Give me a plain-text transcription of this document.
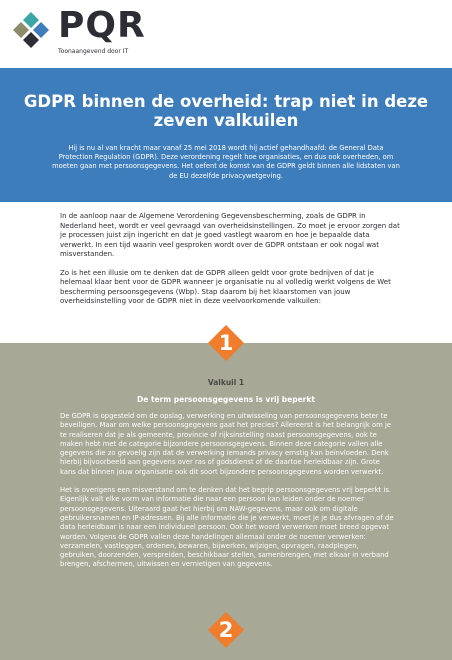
PQR
Toonaangevend door IT
GDPR binnen de overheid: trap niet in deze zeven valkuilen

Hij is nu al van kracht maar vanaf 25 mei 2018 wordt hij actief gehandhaafd: de General Data Protection Regulation (GDPR). Deze verordening regelt hoe organisaties, en dus ook overheden, om moeten gaan met persoonsgegevens. Het oefent de komst van de GDPR geldt binnen alle lidstaten van de EU dezelfde privacywetgeving.

In de aanloop naar de Algemene Verordening Gegevensbescherming, zoals de GDPR in Nederland heet, wordt er veel gevraagd van overheidsinstellingen. Zo moet je ervoor zorgen dat je processen juist zijn ingericht en dat je goed vastlegt waarom en hoe je bepaalde data verwerkt. In een tijd waarin veel gesproken wordt over de GDPR ontstaan er ook nogal wat misverstanden.

Zo is het een illusie om te denken dat de GDPR alleen geldt voor grote bedrijven of dat je helemaal klaar bent voor de GDPR wanneer je organisatie nu al volledig werkt volgens de Wet bescherming persoonsgegevens (Wbp). Stap daarom bij het klaarstomen van jouw overheidsinstelling voor de GDPR niet in deze veelvoorkomende valkuilen:

1

Valkuil 1

De term persoonsgegevens is vrij beperkt

De GDPR is opgesteld om de opslag, verwerking en uitwisseling van persoonsgegevens beter te beveiligen. Maar om welke persoonsgegevens gaat het precies? Allereerst is het belangrijk om je te realiseren dat je als gemeente, provincie of rijksinstelling naast persoonsgegevens, ook te maken hebt met de categorie bijzondere persoonsgegevens. Binnen deze categorie vallen alle gegevens die zo gevoelig zijn dat de verwerking iemands privacy ernstig kan beïnvloeden. Denk hierbij bijvoorbeeld aan gegevens over ras of godsdienst of de daartoe herleidbaar zijn. Grote kans dat binnen jouw organisatie ook dit soort bijzondere persoonsgegevens worden verwerkt.

Het is overigens een misverstand om te denken dat het begrip persoonsgegevens vrij beperkt is. Eigenlijk valt elke vorm van informatie die naar een persoon kan leiden onder de noemer persoonsgegevens. Uiteraard gaat het hierbij om NAW-gegevens, maar ook om digitale gebruikersnamen en IP-adressen. Bij alle informatie die je verwerkt, moet je je dus afvragen of de data herleidbaar is naar een individueel persoon. Ook het woord verwerken moet breed opgevat worden. Volgens de GDPR vallen deze handelingen allemaal onder de noemer verwerken: verzamelen, vastleggen, ordenen, bewaren, bijwerken, wijzigen, opvragen, raadplegen, gebruiken, doorzenden, verspreiden, beschikbaar stellen, samenbrengen, met elkaar in verband brengen, afschermen, uitwissen en vernietigen van gegevens.

2
